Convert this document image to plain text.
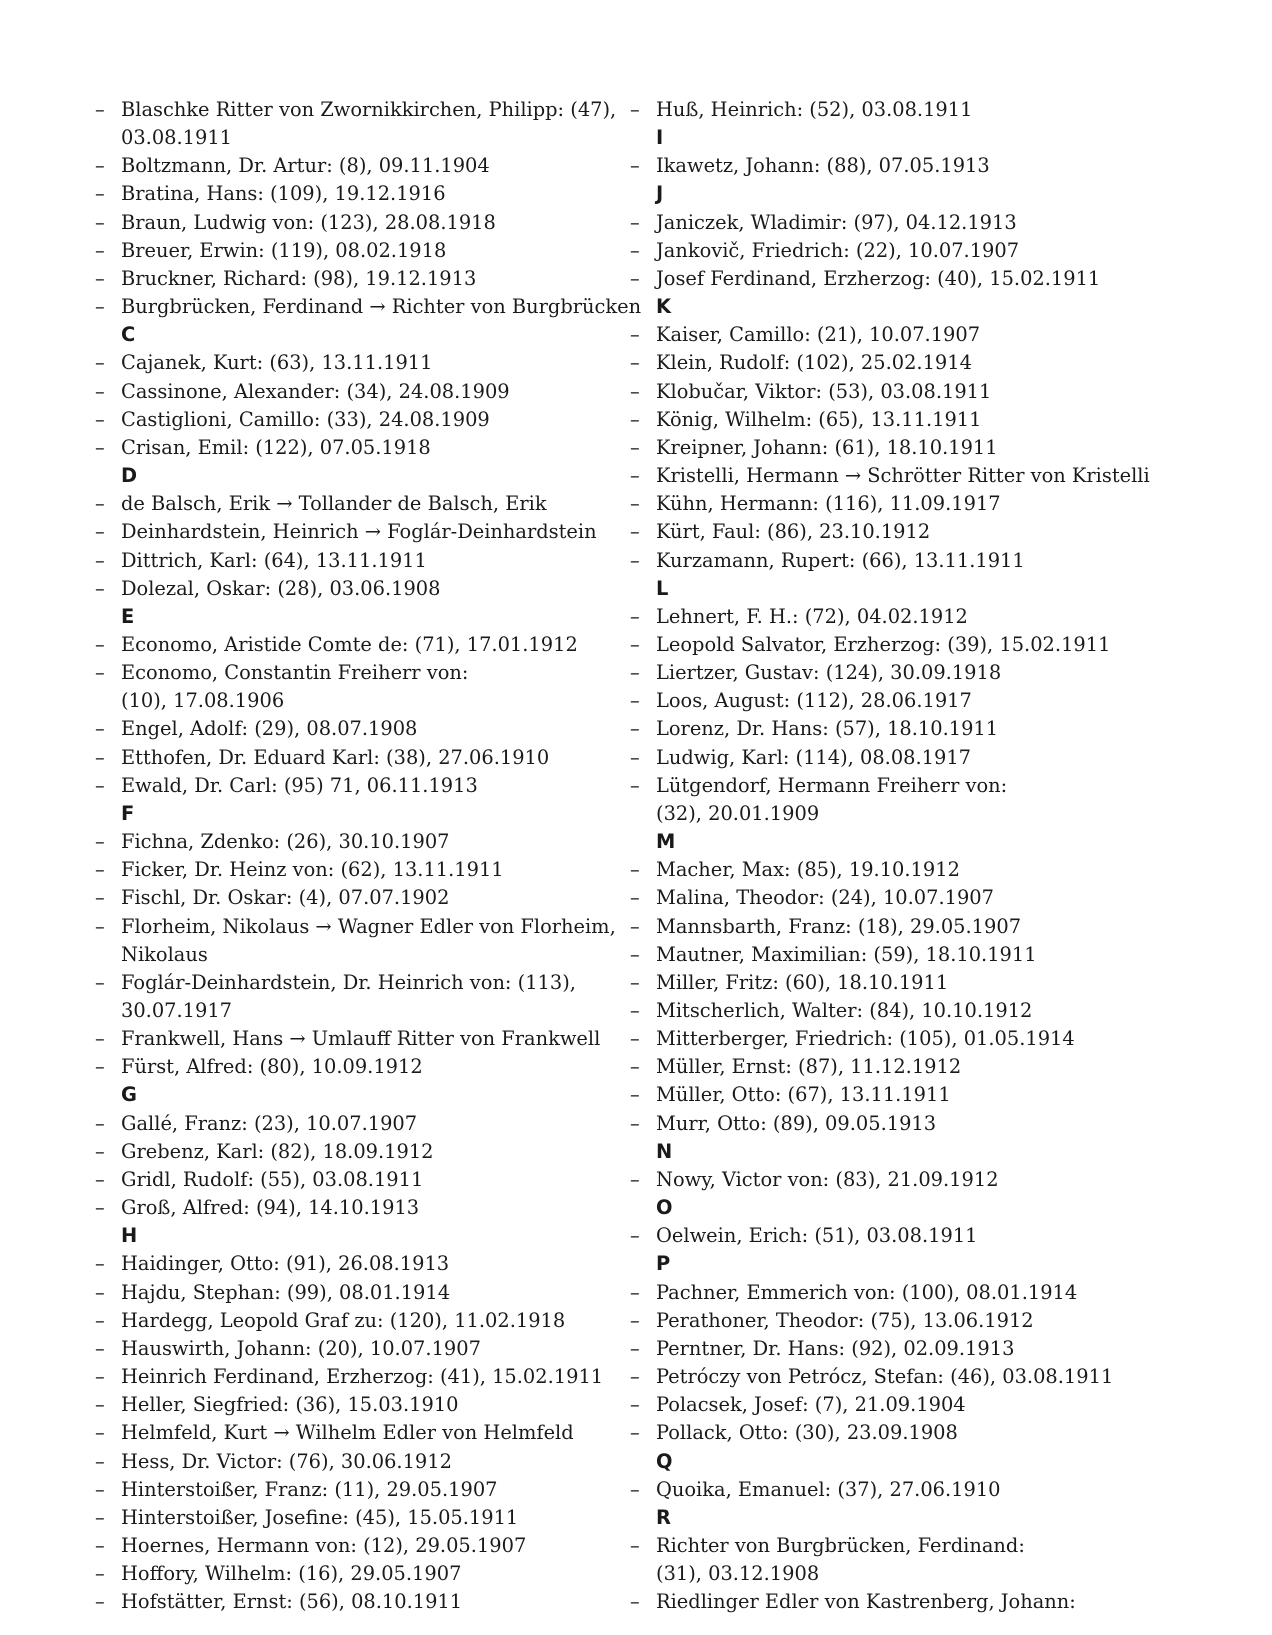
– Blaschke Ritter von Zwornikkirchen, Philipp: (47),
03.08.1911
– Boltzmann, Dr. Artur: (8), 09.11.1904
– Bratina, Hans: (109), 19.12.1916
– Braun, Ludwig von: (123), 28.08.1918
– Breuer, Erwin: (119), 08.02.1918
– Bruckner, Richard: (98), 19.12.1913
– Burgbrücken, Ferdinand → Richter von Burgbrücken
C
– Cajanek, Kurt: (63), 13.11.1911
– Cassinone, Alexander: (34), 24.08.1909
– Castiglioni, Camillo: (33), 24.08.1909
– Crisan, Emil: (122), 07.05.1918
D
– de Balsch, Erik → Tollander de Balsch, Erik
– Deinhardstein, Heinrich → Foglár-Deinhardstein
– Dittrich, Karl: (64), 13.11.1911
– Dolezal, Oskar: (28), 03.06.1908
E
– Economo, Aristide Comte de: (71), 17.01.1912
– Economo, Constantin Freiherr von:
(10), 17.08.1906
– Engel, Adolf: (29), 08.07.1908
– Etthofen, Dr. Eduard Karl: (38), 27.06.1910
– Ewald, Dr. Carl: (95) 71, 06.11.1913
F
– Fichna, Zdenko: (26), 30.10.1907
– Ficker, Dr. Heinz von: (62), 13.11.1911
– Fischl, Dr. Oskar: (4), 07.07.1902
– Florheim, Nikolaus → Wagner Edler von Florheim,
Nikolaus
– Foglár-Deinhardstein, Dr. Heinrich von: (113),
30.07.1917
– Frankwell, Hans → Umlauff Ritter von Frankwell
– Fürst, Alfred: (80), 10.09.1912
G
– Gallé, Franz: (23), 10.07.1907
– Grebenz, Karl: (82), 18.09.1912
– Gridl, Rudolf: (55), 03.08.1911
– Groß, Alfred: (94), 14.10.1913
H
– Haidinger, Otto: (91), 26.08.1913
– Hajdu, Stephan: (99), 08.01.1914
– Hardegg, Leopold Graf zu: (120), 11.02.1918
– Hauswirth, Johann: (20), 10.07.1907
– Heinrich Ferdinand, Erzherzog: (41), 15.02.1911
– Heller, Siegfried: (36), 15.03.1910
– Helmfeld, Kurt → Wilhelm Edler von Helmfeld
– Hess, Dr. Victor: (76), 30.06.1912
– Hinterstoißer, Franz: (11), 29.05.1907
– Hinterstoißer, Josefine: (45), 15.05.1911
– Hoernes, Hermann von: (12), 29.05.1907
– Hoffory, Wilhelm: (16), 29.05.1907
– Hofstätter, Ernst: (56), 08.10.1911
– Huß, Heinrich: (52), 03.08.1911
I
– Ikawetz, Johann: (88), 07.05.1913
J
– Janiczek, Wladimir: (97), 04.12.1913
– Jankovič, Friedrich: (22), 10.07.1907
– Josef Ferdinand, Erzherzog: (40), 15.02.1911
K
– Kaiser, Camillo: (21), 10.07.1907
– Klein, Rudolf: (102), 25.02.1914
– Klobučar, Viktor: (53), 03.08.1911
– König, Wilhelm: (65), 13.11.1911
– Kreipner, Johann: (61), 18.10.1911
– Kristelli, Hermann → Schrötter Ritter von Kristelli
– Kühn, Hermann: (116), 11.09.1917
– Kürt, Faul: (86), 23.10.1912
– Kurzamann, Rupert: (66), 13.11.1911
L
– Lehnert, F. H.: (72), 04.02.1912
– Leopold Salvator, Erzherzog: (39), 15.02.1911
– Liertzer, Gustav: (124), 30.09.1918
– Loos, August: (112), 28.06.1917
– Lorenz, Dr. Hans: (57), 18.10.1911
– Ludwig, Karl: (114), 08.08.1917
– Lütgendorf, Hermann Freiherr von:
(32), 20.01.1909
M
– Macher, Max: (85), 19.10.1912
– Malina, Theodor: (24), 10.07.1907
– Mannsbarth, Franz: (18), 29.05.1907
– Mautner, Maximilian: (59), 18.10.1911
– Miller, Fritz: (60), 18.10.1911
– Mitscherlich, Walter: (84), 10.10.1912
– Mitterberger, Friedrich: (105), 01.05.1914
– Müller, Ernst: (87), 11.12.1912
– Müller, Otto: (67), 13.11.1911
– Murr, Otto: (89), 09.05.1913
N
– Nowy, Victor von: (83), 21.09.1912
O
– Oelwein, Erich: (51), 03.08.1911
P
– Pachner, Emmerich von: (100), 08.01.1914
– Perathoner, Theodor: (75), 13.06.1912
– Perntner, Dr. Hans: (92), 02.09.1913
– Petróczy von Petrócz, Stefan: (46), 03.08.1911
– Polacsek, Josef: (7), 21.09.1904
– Pollack, Otto: (30), 23.09.1908
Q
– Quoika, Emanuel: (37), 27.06.1910
R
– Richter von Burgbrücken, Ferdinand:
(31), 03.12.1908
– Riedlinger Edler von Kastrenberg, Johann:
